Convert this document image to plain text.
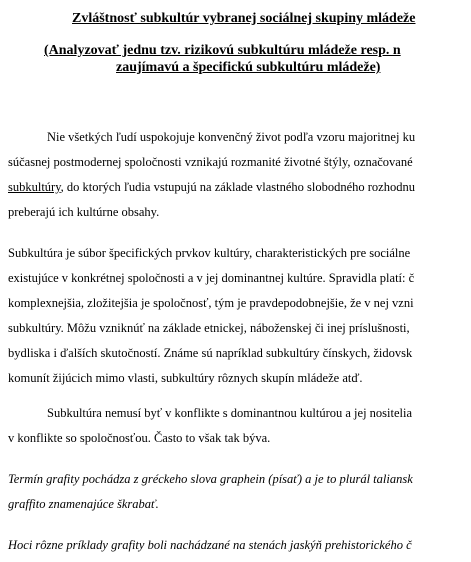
Zvláštnosť subkultúr vybranej sociálnej skupiny mládeže
(Analyzovať jednu tzv. rizikovú subkultúru mládeže resp. n
zaujímavú a špecifickú subkultúru mládeže)
Nie všetkých ľudí uspokojuje konvenčný život podľa vzoru majoritnej ku
súčasnej postmodernej spoločnosti vznikajú rozmanité životné štýly, označované
subkultúry, do ktorých ľudia vstupujú na základe vlastného slobodného rozhodnu
preberajú ich kultúrne obsahy.
Subkultúra je súbor špecifických prvkov kultúry, charakteristických pre sociálne
existujúce v konkrétnej spoločnosti a v jej dominantnej kultúre. Spravidla platí: č
komplexnejšia, zložitejšia je spoločnosť, tým je pravdepodobnejšie, že v nej vzni
subkultúry. Môžu vzniknúť na základe etnickej, náboženskej či inej príslušnosti,
bydliska i ďalších skutočností. Známe sú napríklad subkultúry čínskych, židovsk
komunít žijúcich mimo vlasti, subkultúry rôznych skupín mládeže atď.
Subkultúra nemusí byť v konflikte s dominantnou kultúrou a jej nositelia
v konflikte so spoločnosťou. Často to však tak býva.
Termín grafity pochádza z gréckeho slova graphein (písať) a je to plurál taliansk
graffito znamenajúce škrabať.
Hoci rôzne príklady grafity boli nachádzané na stenách jaskýň prehistorického č
